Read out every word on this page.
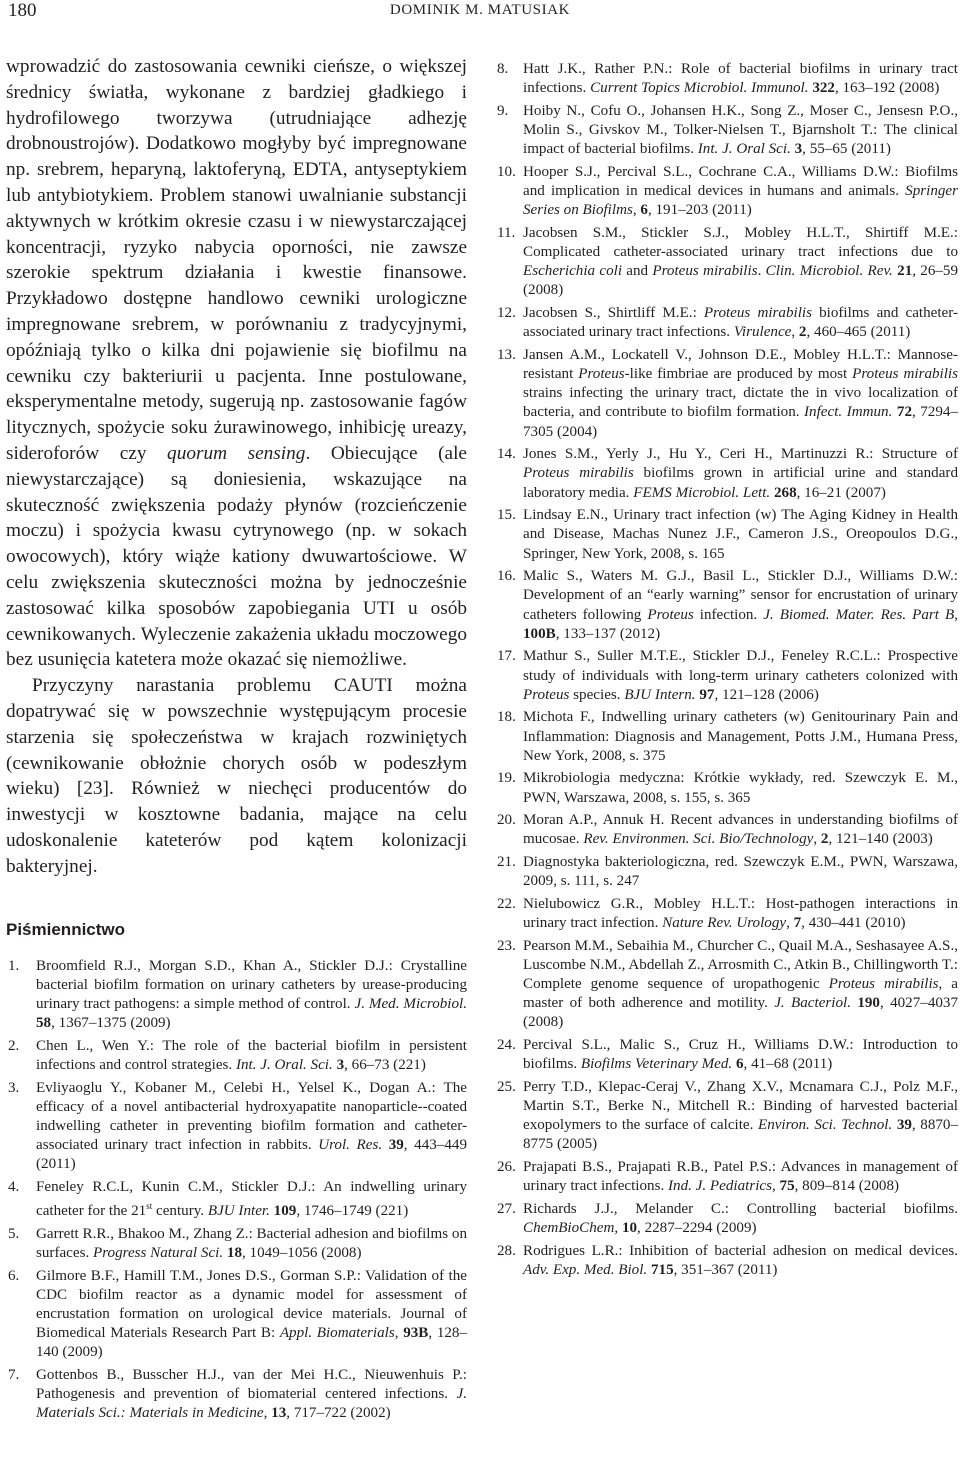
180	DOMINIK M. MATUSIAK

wprowadzić do zastosowania cewniki cieńsze, o większej średnicy światła, wykonane z bardziej gładkiego i hydrofilowego tworzywa (utrudniające adhezję drobnoustrojów). Dodatkowo mogłyby być impregnowane np. srebrem, heparyną, laktoferyną, EDTA, antyseptykiem lub antybiotykiem. Problem stanowi uwalnianie substancji aktywnych w krótkim okresie czasu i w niewystarczającej koncentracji, ryzyko nabycia oporności, nie zawsze szerokie spektrum działania i kwestie finansowe. Przykładowo dostępne handlowo cewniki urologiczne impregnowane srebrem, w porównaniu z tradycyjnymi, opóźniają tylko o kilka dni pojawienie się biofilmu na cewniku czy bakteriurii u pacjenta. Inne postulowane, eksperymentalne metody, sugerują np. zastosowanie fagów litycznych, spożycie soku żurawinowego, inhibicję ureazy, sideroforów czy quorum sensing. Obiecujące (ale niewystarczające) są doniesienia, wskazujące na skuteczność zwiększenia podaży płynów (rozcieńczenie moczu) i spożycia kwasu cytrynowego (np. w sokach owocowych), który wiąże kationy dwuwartościowe. W celu zwiększenia skuteczności można by jednocześnie zastosować kilka sposobów zapobiegania UTI u osób cewnikowanych. Wyleczenie zakażenia układu moczowego bez usunięcia katetera może okazać się niemożliwe.

Przyczyny narastania problemu CAUTI można dopatrywać się w powszechnie występującym procesie starzenia się społeczeństwa w krajach rozwiniętych (cewnikowanie obłożnie chorych osób w podeszłym wieku) [23]. Również w niechęci producentów do inwestycji w kosztowne badania, mające na celu udoskonalenie kateterów pod kątem kolonizacji bakteryjnej.

Piśmiennictwo
1. Broomfield R.J., Morgan S.D., Khan A., Stickler D.J.: Crystalline bacterial biofilm formation on urinary catheters by urease-producing urinary tract pathogens: a simple method of control. J. Med. Microbiol. 58, 1367–1375 (2009)
2. Chen L., Wen Y.: The role of the bacterial biofilm in persistent infections and control strategies. Int. J. Oral. Sci. 3, 66–73 (221)
3. Evliyaoglu Y., Kobaner M., Celebi H., Yelsel K., Dogan A.: The efficacy of a novel antibacterial hydroxyapatite nanoparticle--coated indwelling catheter in preventing biofilm formation and catheter-associated urinary tract infection in rabbits. Urol. Res. 39, 443–449 (2011)
4. Feneley R.C.L, Kunin C.M., Stickler D.J.: An indwelling urinary catheter for the 21st century. BJU Inter. 109, 1746–1749 (221)
5. Garrett R.R., Bhakoo M., Zhang Z.: Bacterial adhesion and biofilms on surfaces. Progress Natural Sci. 18, 1049–1056 (2008)
6. Gilmore B.F., Hamill T.M., Jones D.S., Gorman S.P.: Validation of the CDC biofilm reactor as a dynamic model for assessment of encrustation formation on urological device materials. Journal of Biomedical Materials Research Part B: Appl. Biomaterials, 93B, 128–140 (2009)
7. Gottenbos B., Busscher H.J., van der Mei H.C., Nieuwenhuis P.: Pathogenesis and prevention of biomaterial centered infections. J. Materials Sci.: Materials in Medicine, 13, 717–722 (2002)
8. Hatt J.K., Rather P.N.: Role of bacterial biofilms in urinary tract infections. Current Topics Microbiol. Immunol. 322, 163–192 (2008)
9. Hoiby N., Cofu O., Johansen H.K., Song Z., Moser C., Jensesn P.O., Molin S., Givskov M., Tolker-Nielsen T., Bjarnsholt T.: The clinical impact of bacterial biofilms. Int. J. Oral Sci. 3, 55–65 (2011)
10. Hooper S.J., Percival S.L., Cochrane C.A., Williams D.W.: Biofilms and implication in medical devices in humans and animals. Springer Series on Biofilms, 6, 191–203 (2011)
11. Jacobsen S.M., Stickler S.J., Mobley H.L.T., Shirtiff M.E.: Complicated catheter-associated urinary tract infections due to Escherichia coli and Proteus mirabilis. Clin. Microbiol. Rev. 21, 26–59 (2008)
12. Jacobsen S., Shirtliff M.E.: Proteus mirabilis biofilms and catheter-associated urinary tract infections. Virulence, 2, 460–465 (2011)
13. Jansen A.M., Lockatell V., Johnson D.E., Mobley H.L.T.: Mannose-resistant Proteus-like fimbriae are produced by most Proteus mirabilis strains infecting the urinary tract, dictate the in vivo localization of bacteria, and contribute to biofilm formation. Infect. Immun. 72, 7294–7305 (2004)
14. Jones S.M., Yerly J., Hu Y., Ceri H., Martinuzzi R.: Structure of Proteus mirabilis biofilms grown in artificial urine and standard laboratory media. FEMS Microbiol. Lett. 268, 16–21 (2007)
15. Lindsay E.N., Urinary tract infection (w) The Aging Kidney in Health and Disease, Machas Nunez J.F., Cameron J.S., Oreopoulos D.G., Springer, New York, 2008, s. 165
16. Malic S., Waters M. G.J., Basil L., Stickler D.J., Williams D.W.: Development of an “early warning” sensor for encrustation of urinary catheters following Proteus infection. J. Biomed. Mater. Res. Part B, 100B, 133–137 (2012)
17. Mathur S., Suller M.T.E., Stickler D.J., Feneley R.C.L.: Prospective study of individuals with long-term urinary catheters colonized with Proteus species. BJU Intern. 97, 121–128 (2006)
18. Michota F., Indwelling urinary catheters (w) Genitourinary Pain and Inflammation: Diagnosis and Management, Potts J.M., Humana Press, New York, 2008, s. 375
19. Mikrobiologia medyczna: Krótkie wykłady, red. Szewczyk E. M., PWN, Warszawa, 2008, s. 155, s. 365
20. Moran A.P., Annuk H. Recent advances in understanding biofilms of mucosae. Rev. Environmen. Sci. Bio/Technology, 2, 121–140 (2003)
21. Diagnostyka bakteriologiczna, red. Szewczyk E.M., PWN, Warszawa, 2009, s. 111, s. 247
22. Nielubowicz G.R., Mobley H.L.T.: Host-pathogen interactions in urinary tract infection. Nature Rev. Urology, 7, 430–441 (2010)
23. Pearson M.M., Sebaihia M., Churcher C., Quail M.A., Seshasayee A.S., Luscombe N.M., Abdellah Z., Arrosmith C., Atkin B., Chillingworth T.: Complete genome sequence of uropathogenic Proteus mirabilis, a master of both adherence and motility. J. Bacteriol. 190, 4027–4037 (2008)
24. Percival S.L., Malic S., Cruz H., Williams D.W.: Introduction to biofilms. Biofilms Veterinary Med. 6, 41–68 (2011)
25. Perry T.D., Klepac-Ceraj V., Zhang X.V., Mcnamara C.J., Polz M.F., Martin S.T., Berke N., Mitchell R.: Binding of harvested bacterial exopolymers to the surface of calcite. Environ. Sci. Technol. 39, 8870–8775 (2005)
26. Prajapati B.S., Prajapati R.B., Patel P.S.: Advances in management of urinary tract infections. Ind. J. Pediatrics, 75, 809–814 (2008)
27. Richards J.J., Melander C.: Controlling bacterial biofilms. ChemBioChem, 10, 2287–2294 (2009)
28. Rodrigues L.R.: Inhibition of bacterial adhesion on medical devices. Adv. Exp. Med. Biol. 715, 351–367 (2011)
